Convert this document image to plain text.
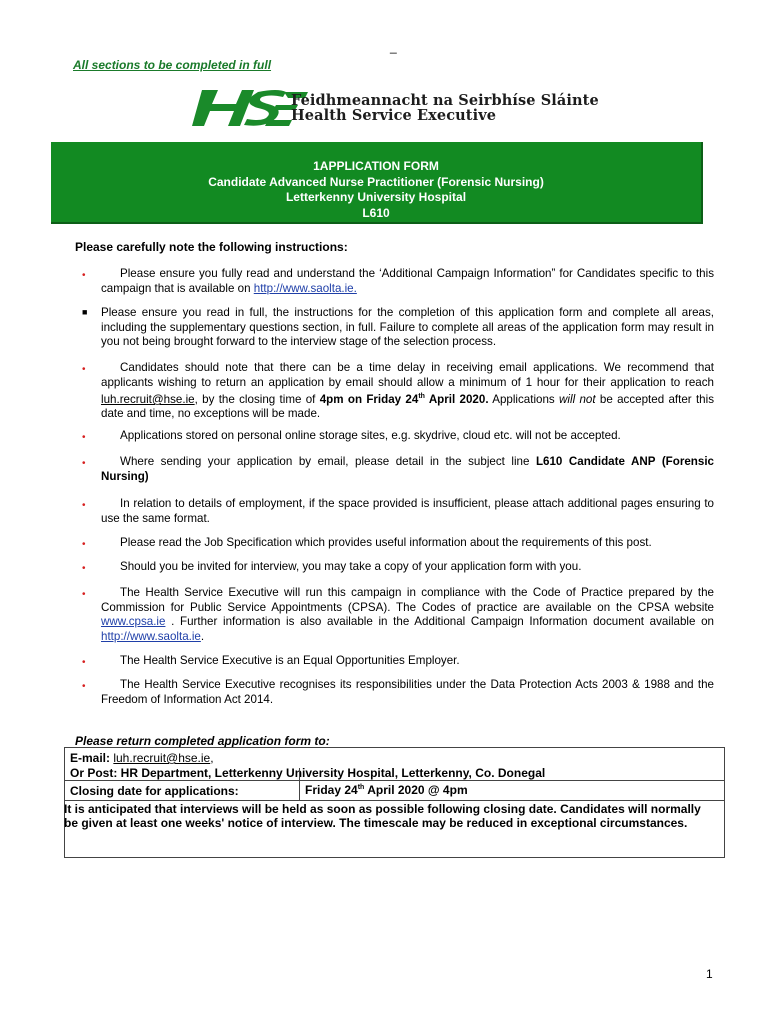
_
All sections to be completed in full
Feidhmeannacht na Seirbhíse Sláinte
Health Service Executive
1APPLICATION FORM
Candidate Advanced Nurse Practitioner (Forensic Nursing)
Letterkenny University Hospital
L610
Please carefully note the following instructions:
•	Please ensure you fully read and understand the ‘Additional Campaign Information” for Candidates specific to this campaign that is available on http://www.saolta.ie.
■ Please ensure you read in full, the instructions for the completion of this application form and complete all areas, including the supplementary questions section, in full. Failure to complete all areas of the application form may result in you not being brought forward to the interview stage of the selection process.
•	Candidates should note that there can be a time delay in receiving email applications. We recommend that applicants wishing to return an application by email should allow a minimum of 1 hour for their application to reach luh.recruit@hse.ie, by the closing time of 4pm on Friday 24th April 2020. Applications will not be accepted after this date and time, no exceptions will be made.
•	Applications stored on personal online storage sites, e.g. skydrive, cloud etc. will not be accepted.
•	Where sending your application by email, please detail in the subject line L610 Candidate ANP (Forensic Nursing)
•	In relation to details of employment, if the space provided is insufficient, please attach additional pages ensuring to use the same format.
•	Please read the Job Specification which provides useful information about the requirements of this post.
•	Should you be invited for interview, you may take a copy of your application form with you.
•	The Health Service Executive will run this campaign in compliance with the Code of Practice prepared by the Commission for Public Service Appointments (CPSA). The Codes of practice are available on the CPSA website www.cpsa.ie . Further information is also available in the Additional Campaign Information document available on http://www.saolta.ie.
•	The Health Service Executive is an Equal Opportunities Employer.
•	The Health Service Executive recognises its responsibilities under the Data Protection Acts 2003 & 1988 and the Freedom of Information Act 2014.
Please return completed application form to:
E-mail: luh.recruit@hse.ie,
Or Post: HR Department, Letterkenny University Hospital, Letterkenny, Co. Donegal
Closing date for applications:	Friday 24th April 2020 @ 4pm
It is anticipated that interviews will be held as soon as possible following closing date. Candidates will normally be given at least one weeks' notice of interview. The timescale may be reduced in exceptional circumstances.
1
